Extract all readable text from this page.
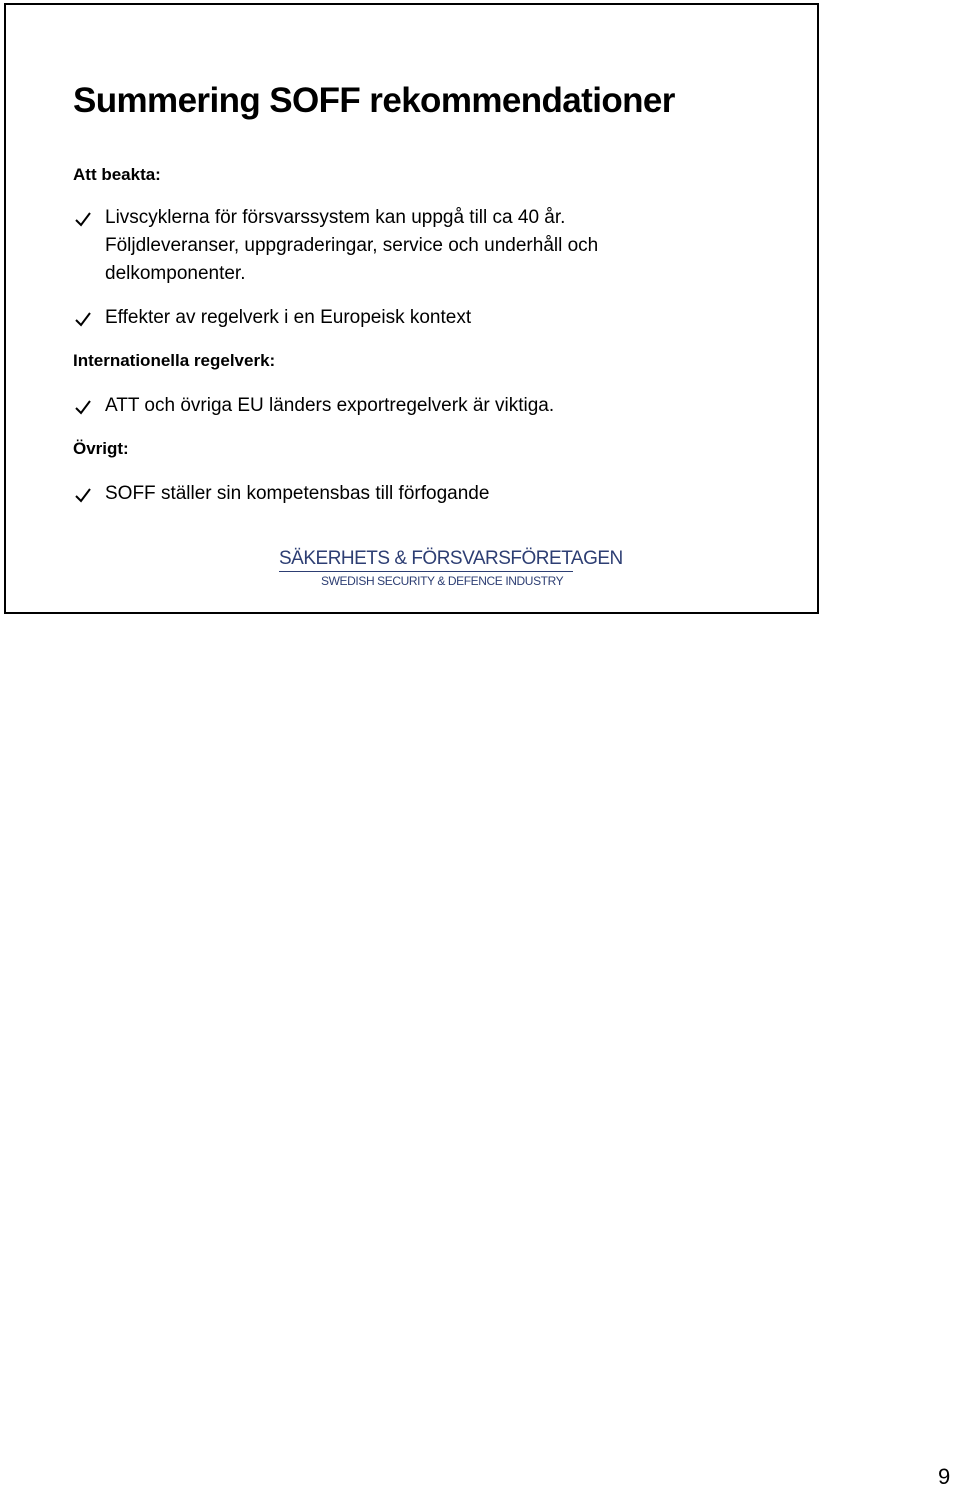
Summering SOFF rekommendationer
Att beakta:
Livscyklerna för försvarssystem kan uppgå till ca 40 år.
Följdleveranser, uppgraderingar, service och underhåll och
delkomponenter.
Effekter av regelverk i en Europeisk kontext
Internationella regelverk:
ATT och övriga EU länders exportregelverk är viktiga.
Övrigt:
SOFF ställer sin kompetensbas till förfogande
SÄKERHETS & FÖRSVARSFÖRETAGEN
SWEDISH SECURITY & DEFENCE INDUSTRY
9
